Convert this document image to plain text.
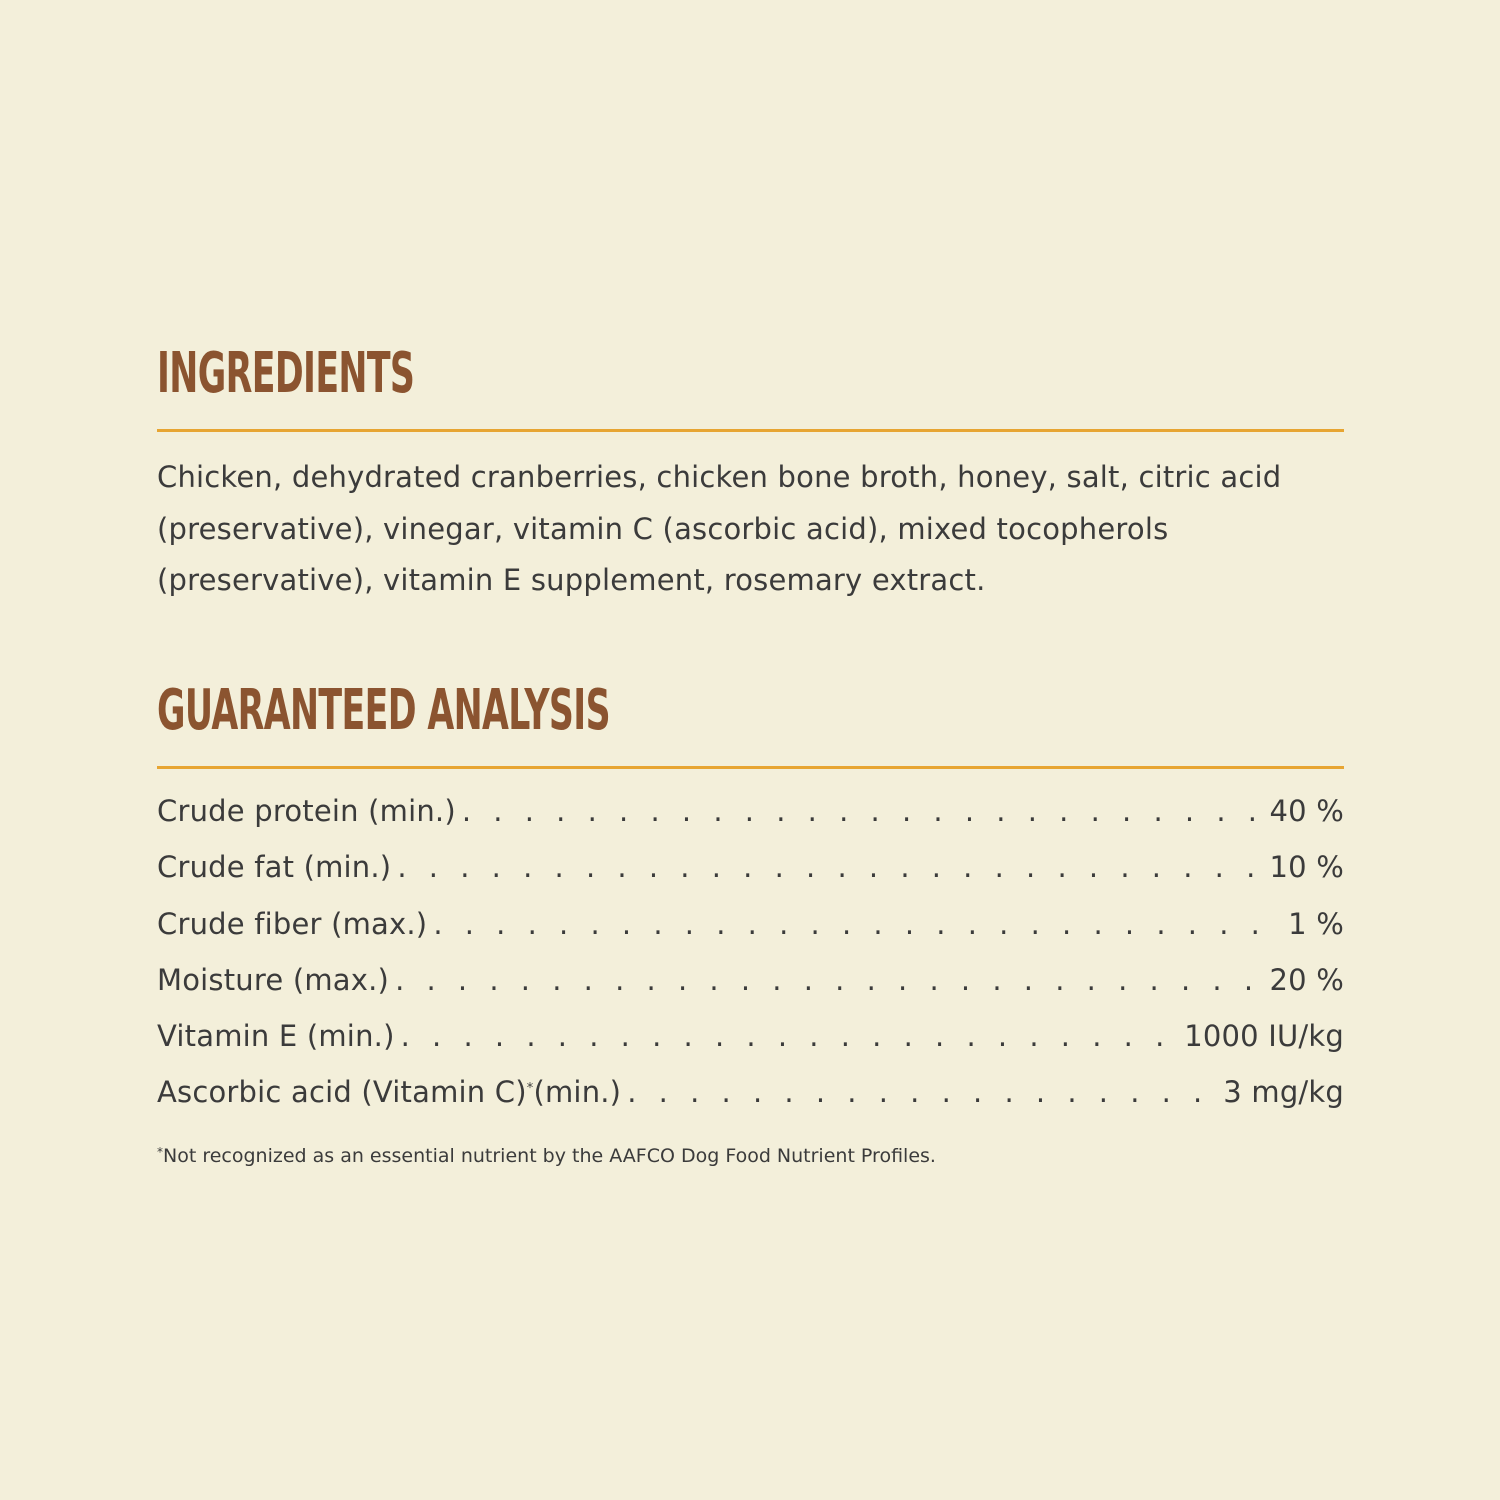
INGREDIENTS
Chicken, dehydrated cranberries, chicken bone broth, honey, salt, citric acid (preservative), vinegar, vitamin C (ascorbic acid), mixed tocopherols (preservative), vitamin E supplement, rosemary extract.
GUARANTEED ANALYSIS
Crude protein (min.) . . .	40 %
Crude fat (min.) . . .	10 %
Crude fiber (max.) . . .	1 %
Moisture (max.) . . .	20 %
Vitamin E (min.) . . .	1000 IU/kg
Ascorbic acid (Vitamin C)*(min.) . . .	3 mg/kg
*Not recognized as an essential nutrient by the AAFCO Dog Food Nutrient Profiles.
